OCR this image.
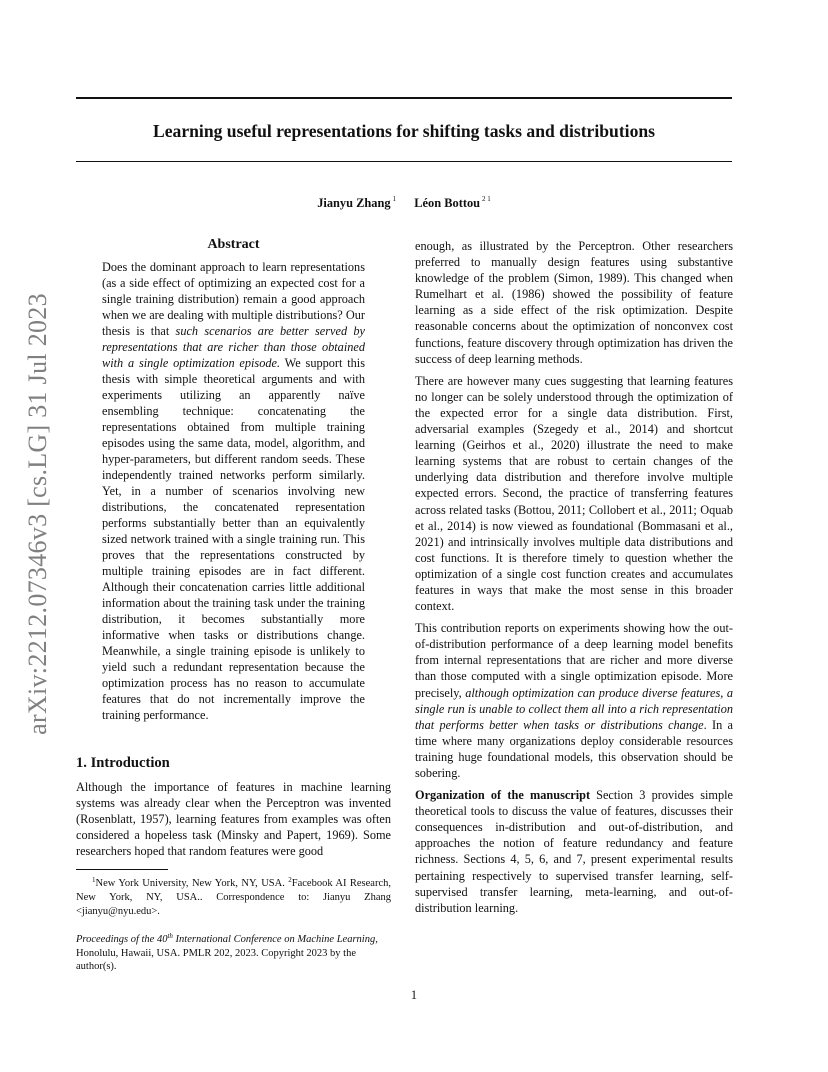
Learning useful representations for shifting tasks and distributions
Jianyu Zhang $^1$ Léon Bottou $^{2 1}$
arXiv:2212.07346v3 [cs.LG] 31 Jul 2023
Abstract

Does the dominant approach to learn representations (as a side effect of optimizing an expected cost for a single training distribution) remain a good approach when we are dealing with multiple distributions? Our thesis is that such scenarios are better served by representations that are richer than those obtained with a single optimization episode. We support this thesis with simple theoretical arguments and with experiments utilizing an apparently naïve ensembling technique: concatenating the representations obtained from multiple training episodes using the same data, model, algorithm, and hyper-parameters, but different random seeds. These independently trained networks perform similarly. Yet, in a number of scenarios involving new distributions, the concatenated representation performs substantially better than an equivalently sized network trained with a single training run. This proves that the representations constructed by multiple training episodes are in fact different. Although their concatenation carries little additional information about the training task under the training distribution, it becomes substantially more informative when tasks or distributions change. Meanwhile, a single training episode is unlikely to yield such a redundant representation because the optimization process has no reason to accumulate features that do not incrementally improve the training performance.

1. Introduction

Although the importance of features in machine learning systems was already clear when the Perceptron was invented (Rosenblatt, 1957), learning features from examples was often considered a hopeless task (Minsky and Papert, 1969). Some researchers hoped that random features were good

$^1$New York University, New York, NY, USA. $^2$Facebook AI Research, New York, NY, USA.. Correspondence to: Jianyu Zhang <jianyu@nyu.edu>.

Proceedings of the 40th International Conference on Machine Learning, Honolulu, Hawaii, USA. PMLR 202, 2023. Copyright 2023 by the author(s).

enough, as illustrated by the Perceptron. Other researchers preferred to manually design features using substantive knowledge of the problem (Simon, 1989). This changed when Rumelhart et al. (1986) showed the possibility of feature learning as a side effect of the risk optimization. Despite reasonable concerns about the optimization of nonconvex cost functions, feature discovery through optimization has driven the success of deep learning methods.

There are however many cues suggesting that learning features no longer can be solely understood through the optimization of the expected error for a single data distribution. First, adversarial examples (Szegedy et al., 2014) and shortcut learning (Geirhos et al., 2020) illustrate the need to make learning systems that are robust to certain changes of the underlying data distribution and therefore involve multiple expected errors. Second, the practice of transferring features across related tasks (Bottou, 2011; Collobert et al., 2011; Oquab et al., 2014) is now viewed as foundational (Bommasani et al., 2021) and intrinsically involves multiple data distributions and cost functions. It is therefore timely to question whether the optimization of a single cost function creates and accumulates features in ways that make the most sense in this broader context.

This contribution reports on experiments showing how the out-of-distribution performance of a deep learning model benefits from internal representations that are richer and more diverse than those computed with a single optimization episode. More precisely, although optimization can produce diverse features, a single run is unable to collect them all into a rich representation that performs better when tasks or distributions change. In a time where many organizations deploy considerable resources training huge foundational models, this observation should be sobering.

Organization of the manuscript Section 3 provides simple theoretical tools to discuss the value of features, discusses their consequences in-distribution and out-of-distribution, and approaches the notion of feature redundancy and feature richness. Sections 4, 5, 6, and 7, present experimental results pertaining respectively to supervised transfer learning, self-supervised transfer learning, meta-learning, and out-of-distribution learning.

1
